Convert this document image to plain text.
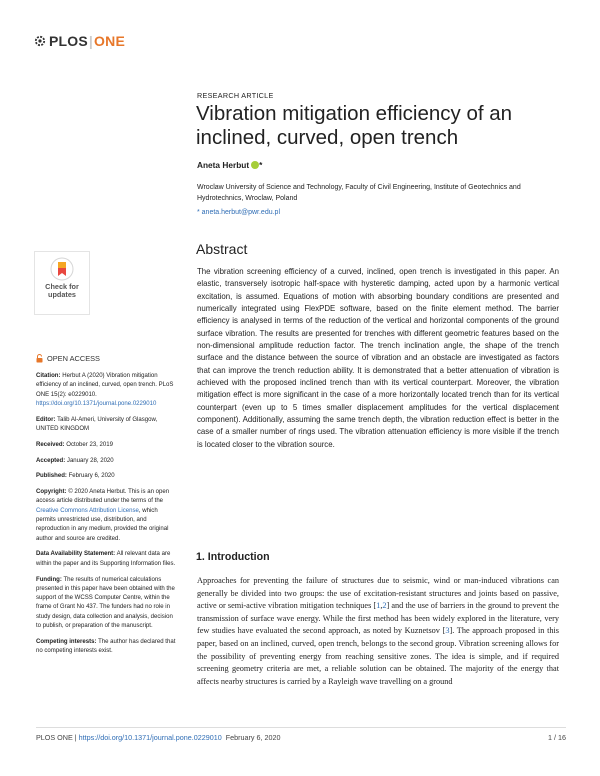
PLOS | ONE
RESEARCH ARTICLE
Vibration mitigation efficiency of an inclined, curved, open trench
Aneta Herbut *
Wroclaw University of Science and Technology, Faculty of Civil Engineering, Institute of Geotechnics and Hydrotechnics, Wroclaw, Poland
* aneta.herbut@pwr.edu.pl
Abstract
The vibration screening efficiency of a curved, inclined, open trench is investigated in this paper. An elastic, transversely isotropic half-space with hysteretic damping, acted upon by a harmonic vertical excitation, is assumed. Equations of motion with absorbing boundary conditions are presented and numerically integrated using FlexPDE software, based on the finite element method. The barrier efficiency is analysed in terms of the reduction of the vertical and horizontal components of the ground surface vibration. The results are presented for trenches with different geometric features based on the non-dimensional amplitude reduction factor. The trench inclination angle, the shape of the trench surface and the distance between the source of vibration and an obstacle are investigated as factors that can improve the trench reduction ability. It is demonstrated that a better attenuation of vibration is achieved with the proposed inclined trench than with its vertical counterpart. Moreover, the vibration mitigation effect is more significant in the case of a more horizontally located trench than for its vertical counterpart (even up to 5 times smaller displacement amplitudes for the vertical displacement component). Additionally, assuming the same trench depth, the vibration reduction effect is better in the case of a smaller number of rings used. The vibration attenuation efficiency is more visible if the trench is located closer to the vibration source.
Check for
updates
OPEN ACCESS

Citation: Herbut A (2020) Vibration mitigation efficiency of an inclined, curved, open trench. PLoS ONE 15(2): e0229010. https://doi.org/10.1371/journal.pone.0229010

Editor: Talib Al-Ameri, University of Glasgow, UNITED KINGDOM

Received: October 23, 2019

Accepted: January 28, 2020

Published: February 6, 2020

Copyright: © 2020 Aneta Herbut. This is an open access article distributed under the terms of the Creative Commons Attribution License, which permits unrestricted use, distribution, and reproduction in any medium, provided the original author and source are credited.

Data Availability Statement: All relevant data are within the paper and its Supporting Information files.

Funding: The results of numerical calculations presented in this paper have been obtained with the support of the WCSS Computer Centre, within the frame of Grant No 437. The funders had no role in study design, data collection and analysis, decision to publish, or preparation of the manuscript.

Competing interests: The author has declared that no competing interests exist.

1. Introduction
Approaches for preventing the failure of structures due to seismic, wind or man-induced vibrations can generally be divided into two groups: the use of excitation-resistant structures and joints based on passive, active or semi-active vibration mitigation techniques [1,2] and the use of barriers in the ground to prevent the transmission of surface wave energy. While the first method has been widely explored in the literature, very few studies have evaluated the second approach, as noted by Kuznetsov [3]. The approach proposed in this paper, based on an inclined, curved, open trench, belongs to the second group. Vibration screening allows for the possibility of preventing energy from reaching sensitive zones. The idea is simple, and if required screening geometry criteria are met, a reliable solution can be obtained. The majority of the energy that affects nearby structures is carried by a Rayleigh wave travelling on a ground
PLOS ONE | https://doi.org/10.1371/journal.pone.0229010 February 6, 2020	1 / 16
